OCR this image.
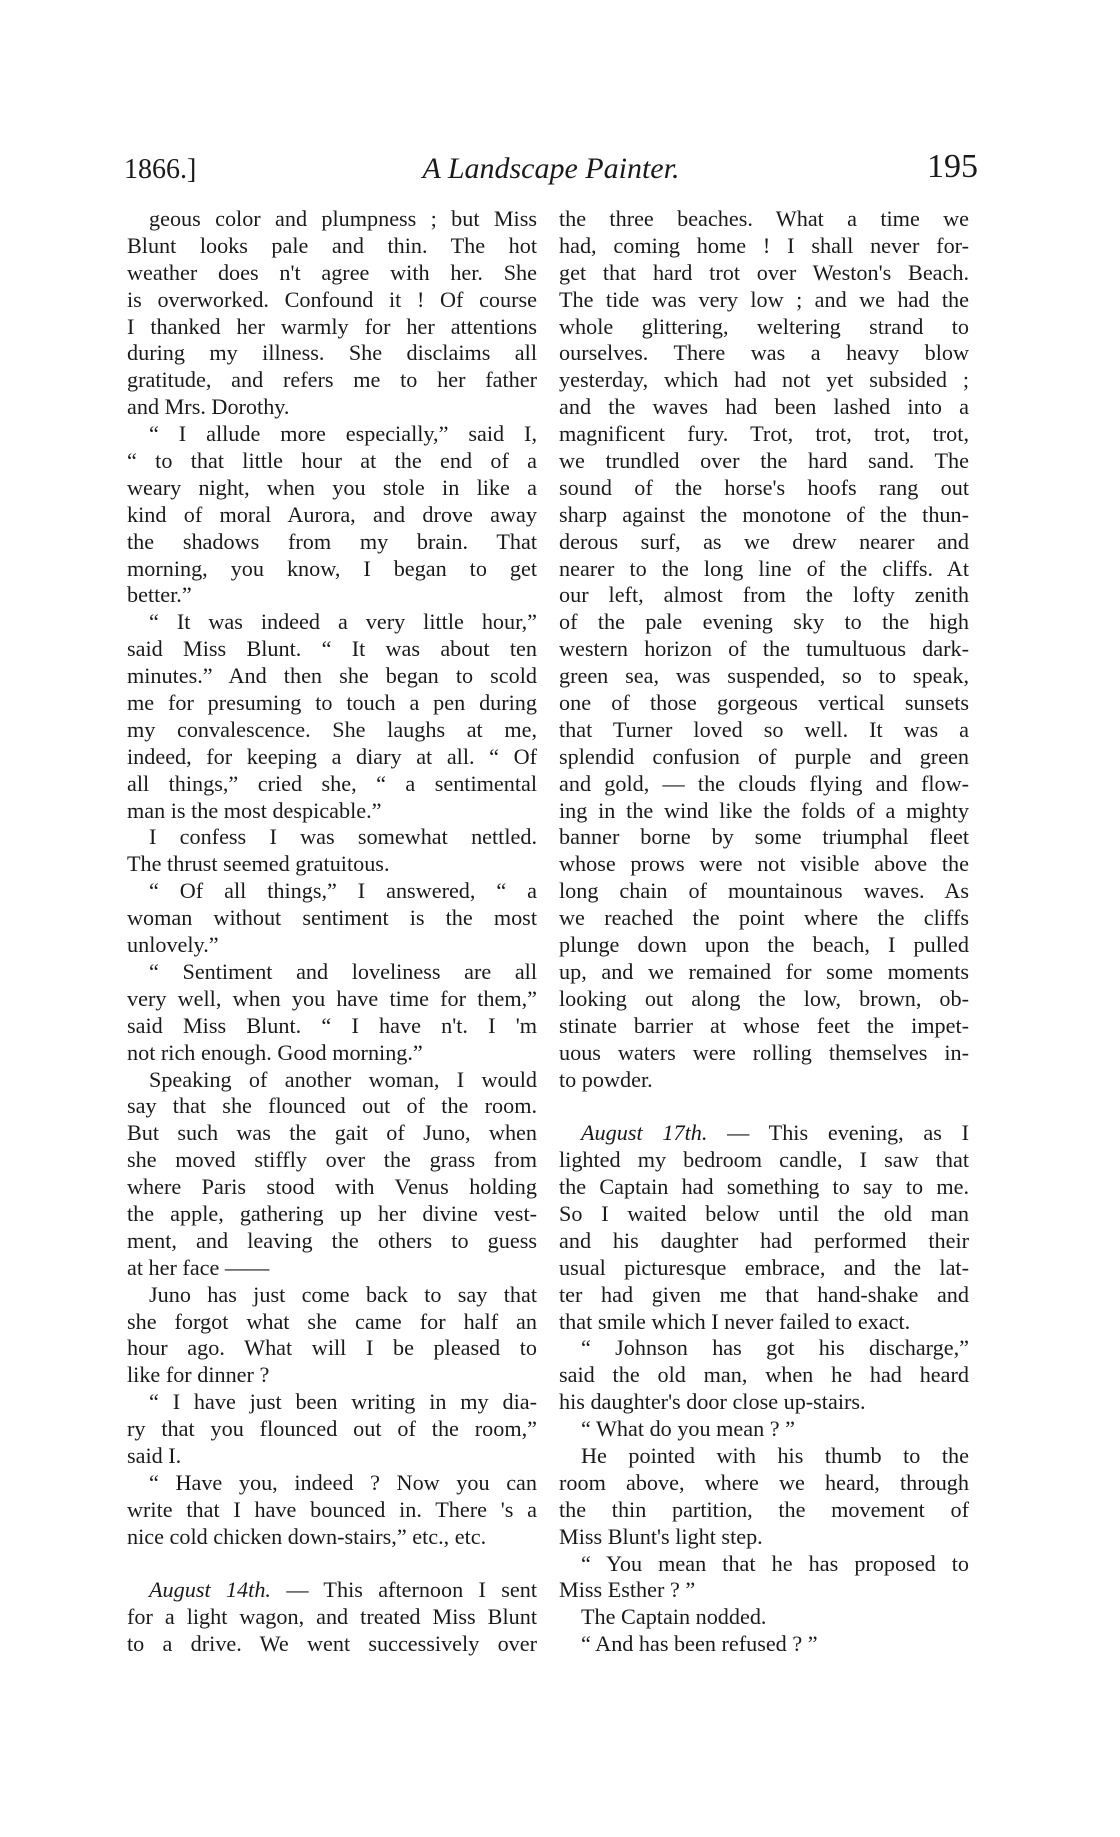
1866.]	A Landscape Painter.	195
geous color and plumpness ; but Miss
Blunt looks pale and thin. The hot
weather does n't agree with her. She
is overworked. Confound it ! Of course
I thanked her warmly for her attentions
during my illness. She disclaims all
gratitude, and refers me to her father
and Mrs. Dorothy.
“ I allude more especially,” said I,
“ to that little hour at the end of a
weary night, when you stole in like a
kind of moral Aurora, and drove away
the shadows from my brain. That
morning, you know, I began to get
better.”
“ It was indeed a very little hour,”
said Miss Blunt. “ It was about ten
minutes.” And then she began to scold
me for presuming to touch a pen during
my convalescence. She laughs at me,
indeed, for keeping a diary at all. “ Of
all things,” cried she, “ a sentimental
man is the most despicable.”
I confess I was somewhat nettled.
The thrust seemed gratuitous.
“ Of all things,” I answered, “ a
woman without sentiment is the most
unlovely.”
“ Sentiment and loveliness are all
very well, when you have time for them,”
said Miss Blunt. “ I have n't. I 'm
not rich enough. Good morning.”
Speaking of another woman, I would
say that she flounced out of the room.
But such was the gait of Juno, when
she moved stiffly over the grass from
where Paris stood with Venus holding
the apple, gathering up her divine vest-
ment, and leaving the others to guess
at her face ——
Juno has just come back to say that
she forgot what she came for half an
hour ago. What will I be pleased to
like for dinner ?
“ I have just been writing in my dia-
ry that you flounced out of the room,”
said I.
“ Have you, indeed ? Now you can
write that I have bounced in. There 's a
nice cold chicken down-stairs,” etc., etc.
August 14th. — This afternoon I sent
for a light wagon, and treated Miss Blunt
to a drive. We went successively over
the three beaches. What a time we
had, coming home ! I shall never for-
get that hard trot over Weston's Beach.
The tide was very low ; and we had the
whole glittering, weltering strand to
ourselves. There was a heavy blow
yesterday, which had not yet subsided ;
and the waves had been lashed into a
magnificent fury. Trot, trot, trot, trot,
we trundled over the hard sand. The
sound of the horse's hoofs rang out
sharp against the monotone of the thun-
derous surf, as we drew nearer and
nearer to the long line of the cliffs. At
our left, almost from the lofty zenith
of the pale evening sky to the high
western horizon of the tumultuous dark-
green sea, was suspended, so to speak,
one of those gorgeous vertical sunsets
that Turner loved so well. It was a
splendid confusion of purple and green
and gold, — the clouds flying and flow-
ing in the wind like the folds of a mighty
banner borne by some triumphal fleet
whose prows were not visible above the
long chain of mountainous waves. As
we reached the point where the cliffs
plunge down upon the beach, I pulled
up, and we remained for some moments
looking out along the low, brown, ob-
stinate barrier at whose feet the impet-
uous waters were rolling themselves in-
to powder.
August 17th. — This evening, as I
lighted my bedroom candle, I saw that
the Captain had something to say to me.
So I waited below until the old man
and his daughter had performed their
usual picturesque embrace, and the lat-
ter had given me that hand-shake and
that smile which I never failed to exact.
“ Johnson has got his discharge,”
said the old man, when he had heard
his daughter's door close up-stairs.
“ What do you mean ? ”
He pointed with his thumb to the
room above, where we heard, through
the thin partition, the movement of
Miss Blunt's light step.
“ You mean that he has proposed to
Miss Esther ? ”
The Captain nodded.
“ And has been refused ? ”
